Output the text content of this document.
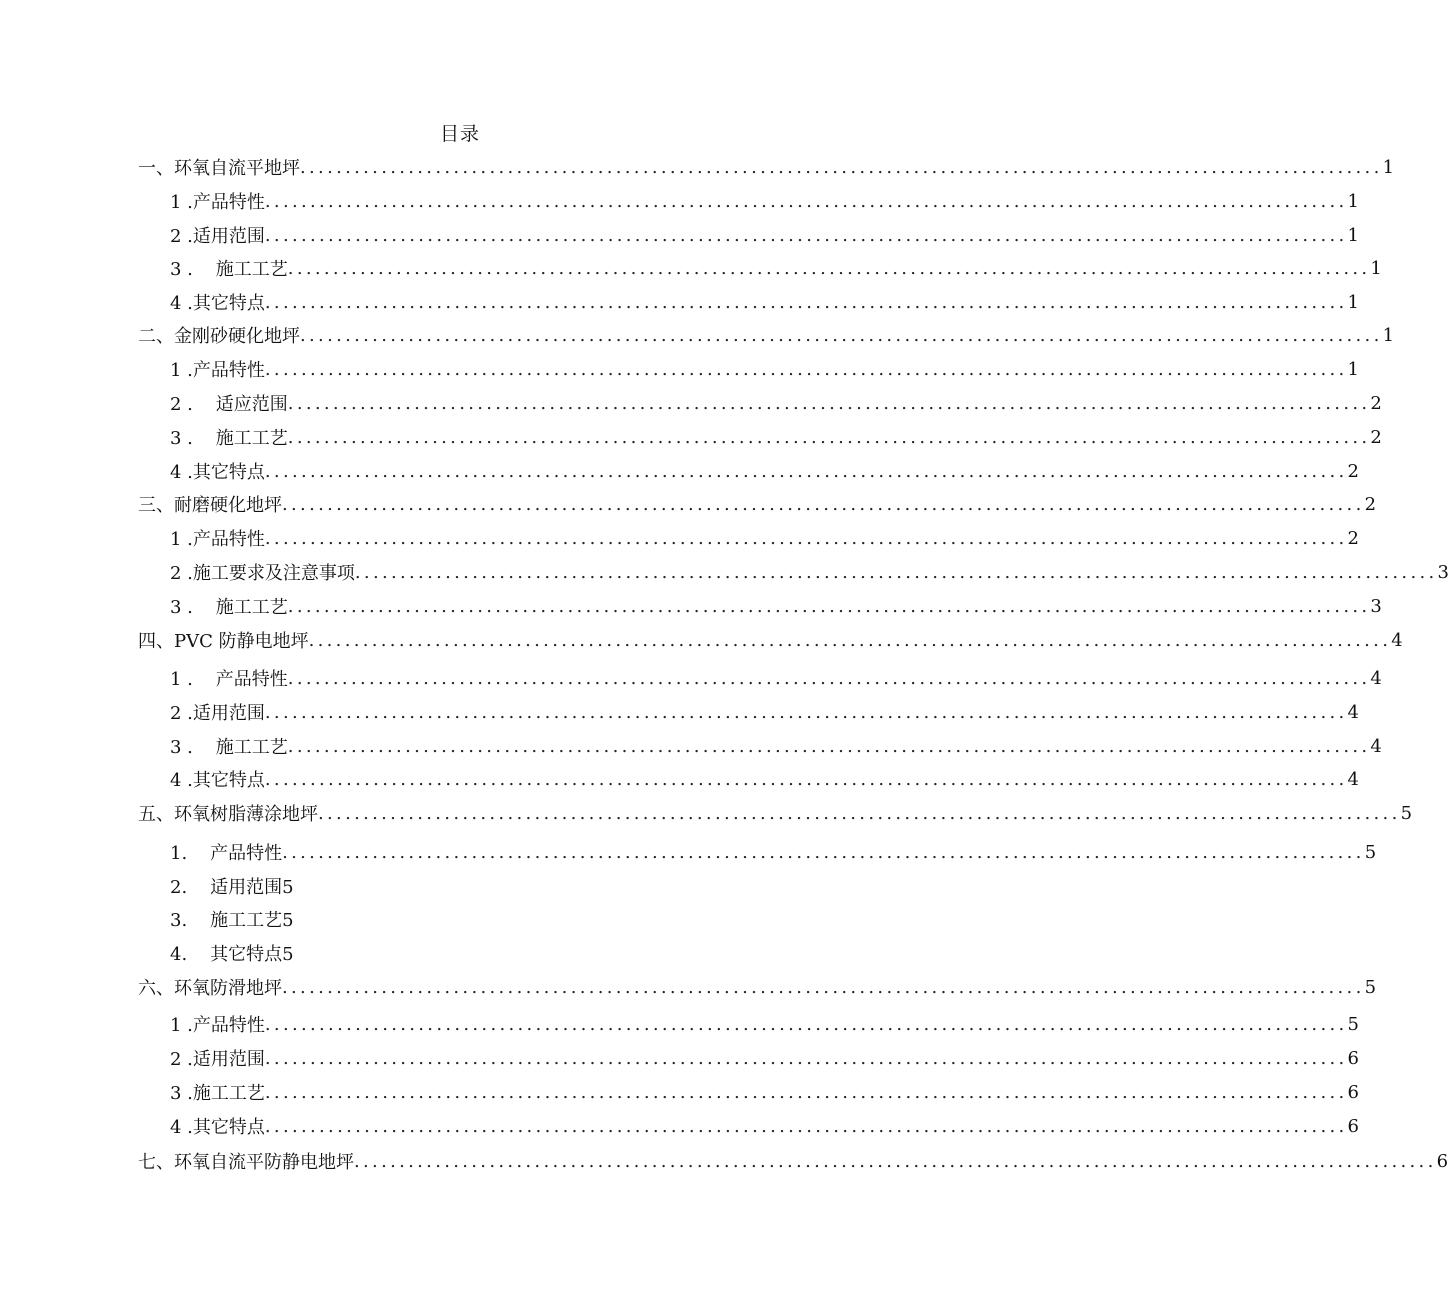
目录
一、环氧自流平地坪 ........................................................................................................................ 1
1 .产品特性 ........................................................................................................................ 1
2 .适用范围 ........................................................................................................................ 1
3 .    施工工艺 ........................................................................................................................ 1
4 .其它特点 ........................................................................................................................ 1
二、金刚砂硬化地坪 ........................................................................................................................ 1
1 .产品特性 ........................................................................................................................ 1
2 .    适应范围 ........................................................................................................................ 2
3 .    施工工艺 ........................................................................................................................ 2
4 .其它特点 ........................................................................................................................ 2
三、耐磨硬化地坪 ........................................................................................................................ 2
1 .产品特性 ........................................................................................................................ 2
2 .施工要求及注意事项 ........................................................................................................................ 3
3 .    施工工艺 ........................................................................................................................ 3
四、PVC 防静电地坪 ........................................................................................................................ 4
1 .    产品特性 ........................................................................................................................ 4
2 .适用范围 ........................................................................................................................ 4
3 .    施工工艺 ........................................................................................................................ 4
4 .其它特点 ........................................................................................................................ 4
五、环氧树脂薄涂地坪 ........................................................................................................................ 5
1. 产品特性 ........................................................................................................................ 5
2. 适用范围5
3. 施工工艺5
4. 其它特点5
六、环氧防滑地坪 ........................................................................................................................ 5
1 .产品特性 ........................................................................................................................ 5
2 .适用范围 ........................................................................................................................ 6
3 .施工工艺 ........................................................................................................................ 6
4 .其它特点 ........................................................................................................................ 6
七、环氧自流平防静电地坪 ........................................................................................................................ 6
